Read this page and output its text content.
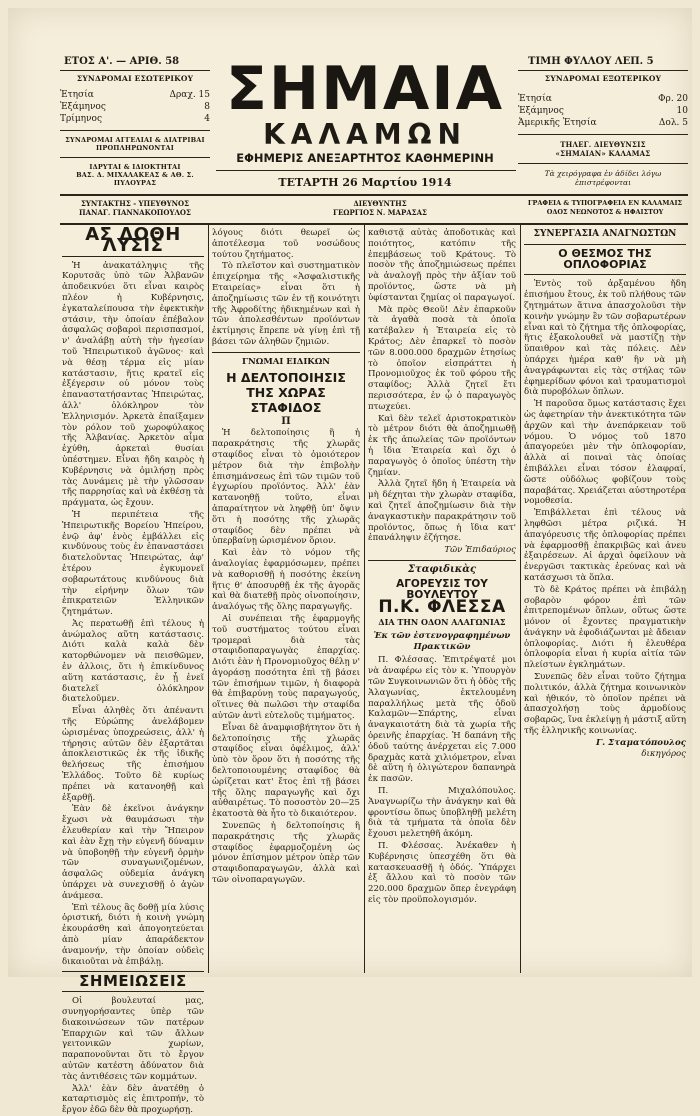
ΕΤΟΣ Α'. — ΑΡΙΘ. 58	ΤΙΜΗ ΦΥΛΛΟΥ ΛΕΠ. 5
ΣΥΝΔΡΟΜΑΙ ΕΣΩΤΕΡΙΚΟΥ
Ἐτησία	Δραχ. 15
Ἐξάμηνος	8
Τρίμηνος	4
ΣΥΝΔΡΟΜΑΙ ΑΓΓΕΛΙΑΙ & ΔΙΑΤΡΙΒΑΙ ΠΡΟΠΛΗΡΩΝΟΝΤΑΙ
ΙΔΡΥΤΑΙ & ΙΔΙΟΚΤΗΤΑΙ
ΒΑΣ. Δ. ΜΙΧΑΛΑΚΕΑΣ & ΑΘ. Σ. ΠΥΛΟΥΡΑΣ
ΣΗΜΑΙΑ
ΚΑΛΑΜΩΝ
ΕΦΗΜΕΡΙΣ ΑΝΕΞΑΡΤΗΤΟΣ ΚΑΘΗΜΕΡΙΝΗ
ΤΕΤΑΡΤΗ 26 Μαρτίου 1914
ΣΥΝΔΡΟΜΑΙ ΕΞΩΤΕΡΙΚΟΥ
Ἐτησία	Φρ. 20
Ἐξάμηνος	10
Ἀμερικῆς Ἐτησία	Δολ. 5
ΤΗΛΕΓ. ΔΙΕΥΘΥΝΣΙΣ
«ΣΗΜΑΙΑΝ» ΚΑΛΑΜΑΣ
Τὰ χειρόγραφα ἐν ἀδίδει λόγω ἐπιστρέφονται
ΣΥΝΤΑΚΤΗΣ - ΥΠΕΥΘΥΝΟΣ
ΠΑΝΑΓ. ΓΙΑΝΝΑΚΟΠΟΥΛΟΣ
ΔΙΕΥΘΥΝΤΗΣ
ΓΕΩΡΓΙΟΣ Ν. ΜΑΡΑΣΑΣ
ΓΡΑΦΕΙΑ & ΤΥΠΟΓΡΑΦΕΙΑ ΕΝ ΚΑΛΑΜΑΙΣ
ΟΔΟΣ ΝΕΩΝΟΤΟΣ & ΗΦΑΙΣΤΟΥ
ΑΣ ΔΟΘΗ ΛΥΣΙΣ

Ἡ ἀνακατάληψις τῆς Κορυτσᾶς ὑπὸ τῶν Ἀλβανῶν ἀποδεικνύει ὅτι εἶναι καιρὸς πλέον ἡ Κυβέρνησις, ἐγκαταλείπουσα τὴν ἐφεκτικὴν στάσιν, τὴν ὁποίαν ἐπέβαλον ἀσφαλῶς σοβαροὶ περισπασμοί, ν' ἀναλάβῃ αὐτὴ τὴν ἡγεσίαν τοῦ Ἠπειρωτικοῦ ἀγῶνος· καὶ νὰ θέσῃ τέρμα εἰς μίαν κατάστασιν, ἥτις κρατεῖ εἰς ἐξέγερσιν οὐ μόνον τοὺς ἐπαναστατήσαντας Ἠπειρώτας, ἀλλ' ὁλόκληρον τὸν Ἑλληνισμόν. Ἀρκετὰ ἐπαίξαμεν τὸν ρόλον τοῦ χωροφύλακος τῆς Ἀλβανίας. Ἀρκετὸν αἷμα ἐχύθη, ἀρκεταὶ θυσίαι ὑπέστημεν. Εἶναι ἤδη καιρὸς ἡ Κυβέρνησις νὰ ὁμιλήσῃ πρὸς τὰς Δυνάμεις μὲ τὴν γλῶσσαν τῆς παρρησίας καὶ νὰ ἐκθέσῃ τὰ πράγματα, ὡς ἔχουν.

Ἡ περιπέτεια τῆς Ἠπειρωτικῆς Βορείου Ἠπείρου, ἐνῷ ἀφ' ἑνὸς ἐμβάλλει εἰς κινδύνους τοὺς ἐν ἐπαναστάσει διατελοῦντας Ἠπειρώτας, ἀφ' ἑτέρου ἐγκυμονεῖ σοβαρωτάτους κινδύνους διὰ τὴν εἰρήνην ὅλων τῶν ἐπικρατειῶν Ἑλληνικῶν ζητημάτων.

Ἀς περατωθῇ ἐπὶ τέλους ἡ ἀνώμαλος αὕτη κατάστασις. Διότι καλὰ καλὰ δὲν κατορθώνομεν νὰ πεισθῶμεν, ἐν ἀλλοις, ὅτι ἡ ἐπικίνδυνος αὕτη κατάστασις, ἐν ᾗ ἐνεῖ διατελεῖ ὁλόκληρον διατελοῦμεν.

Εἶναι ἀληθὲς ὅτι ἀπέναντι τῆς Εὐρώπης ἀνελάβομεν ὡρισμένας ὑποχρεώσεις, ἀλλ' ἡ τήρησις αὐτῶν δὲν ἐξαρτᾶται ἀποκλειστικῶς ἐκ τῆς ἰδικῆς θελήσεως τῆς ἐπισήμου Ἑλλάδος. Τοῦτο δὲ κυρίως πρέπει νὰ κατανοηθῇ καὶ ἐξαρθῇ.

Ἐὰν δὲ ἐκεῖνοι ἀνάγκην ἔχωσι νὰ θαυμάσωσι τὴν ἐλευθερίαν καὶ τὴν Ἤπειρον καὶ ἐὰν ἔχῃ τὴν εὐγενῆ δύναμιν νὰ ὑποβοηθῇ τὴν εὐγενῆ ὁρμὴν τῶν συναγωνιζομένων, ἀσφαλῶς οὐδεμία ἀνάγκη ὑπάρχει νὰ συνεχισθῇ ὁ ἀγὼν ἀνάμεσα.

Ἐπὶ τέλους ἃς δοθῇ μία λύσις ὁριστική, διότι ἡ κοινὴ γνώμη ἐκουράσθη καὶ ἀπογοητεύεται ἀπὸ μίαν ἀπαράδεκτον ἀναμονήν, τὴν ὁποίαν οὐδεὶς δικαιοῦται νὰ ἐπιβάλῃ.

ΣΗΜΕΙΩΣΕΙΣ

Οἱ βουλευταί μας, συνηγορήσαντες ὑπὲρ τῶν διακοινώσεων τῶν πατέρων Ἐπαρχιῶν καὶ τῶν ἄλλων γειτονικῶν χωρίων, παραπονοῦνται ὅτι τὸ ἔργον αὐτῶν κατέστη ἀδύνατον διὰ τὰς ἀντιθέσεις τῶν κομμάτων.

Ἀλλ' ἐὰν δὲν ἀνατέθῃ ὁ καταρτισμὸς εἰς ἐπιτροπήν, τὸ ἔργον ἐδῶ δὲν θὰ προχωρήσῃ.

λόγους διότι θεωρεῖ ὡς ἀποτέλεσμα τοῦ νοσώδους τούτου ζητήματος.

Τὸ πλεῖστον καὶ συστηματικὸν ἐπιχείρημα τῆς «Ἀσφαλιστικῆς Εταιρείας» εἶναι ὅτι ἡ ἀποζημίωσις τῶν ἐν τῇ κοινότητι τῆς Ἀφροδίτης ἠδικημένων καὶ ἡ τῶν ἀπολεσθέντων προϊόντων ἐκτίμησις ἔπρεπε νὰ γίνῃ ἐπὶ τῇ βάσει τῶν ἀληθῶν ζημιῶν.

ΓΝΩΜΑΙ ΕΙΔΙΚΩΝ
Η ΔΕΛΤΟΠΟΙΗΣΙΣ ΤΗΣ ΧΩΡΑΣ ΣΤΑΦΙΔΟΣ
Π

Ἡ δελτοποίησις ἢ ἡ παρακράτησις τῆς χλωρᾶς σταφίδος εἶναι τὸ ὁμοιότερον μέτρον διὰ τὴν ἐπιβολὴν ἐπισημάνσεως ἐπὶ τῶν τιμῶν τοῦ ἐγχωρίου προϊόντος. Ἀλλ' ἐὰν κατανοηθῇ τοῦτο, εἶναι ἀπαραίτητον νὰ ληφθῇ ὑπ' ὄψιν ὅτι ἡ ποσότης τῆς χλωρᾶς σταφίδος δὲν πρέπει νὰ ὑπερβαίνῃ ὡρισμένον ὅριον.

Καὶ ἐὰν τὸ νόμον τῆς ἀναλογίας ἐφαρμόσωμεν, πρέπει νὰ καθορισθῇ ἡ ποσότης ἐκείνη ἥτις θ' ἀποσυρθῇ ἐκ τῆς ἀγορᾶς καὶ θὰ διατεθῇ πρὸς οἰνοποίησιν, ἀναλόγως τῆς ὅλης παραγωγῆς.

Αἱ συνέπειαι τῆς ἐφαρμογῆς τοῦ συστήματος τούτου εἶναι τρομεραὶ διὰ τὰς σταφιδοπαραγωγὰς ἐπαρχίας. Διότι ἐὰν ἡ Προνομιοῦχος θέλῃ ν' ἀγοράσῃ ποσότητα ἐπὶ τῇ βάσει τῶν ἐπισήμων τιμῶν, ἡ διαφορὰ θὰ ἐπιβαρύνῃ τοὺς παραγωγούς, οἵτινες θὰ πωλῶσι τὴν σταφίδα αὐτῶν ἀντὶ εὐτελοῦς τιμήματος.

Εἶναι δὲ ἀναμφισβήτητον ὅτι ἡ δελτοποίησις τῆς χλωρᾶς σταφίδος εἶναι ὀφέλιμος, ἀλλ' ὑπὸ τὸν ὅρον ὅτι ἡ ποσότης τῆς δελτοποιουμένης σταφίδος θὰ ὡρίζεται κατ' ἔτος ἐπὶ τῇ βάσει τῆς ὅλης παραγωγῆς καὶ ὄχι αὐθαιρέτως. Τὸ ποσοστὸν 20—25 ἑκατοστὰ θὰ ἦτο τὸ δικαιότερον.

Συνεπῶς ἡ δελτοποίησις ἢ παρακράτησις τῆς χλωρᾶς σταφίδος ἐφαρμοζομένη ὡς μόνον ἐπίσημον μέτρον ὑπὲρ τῶν σταφιδοπαραγωγῶν, ἀλλὰ καὶ τῶν οἰνοπαραγωγῶν.

καθιστᾷ αὐτὰς ἀποδοτικὰς καὶ ποιότητος, κατόπιν τῆς ἐπεμβάσεως τοῦ Κράτους. Τὸ ποσὸν τῆς ἀποζημιώσεως πρέπει νὰ ἀναλογῇ πρὸς τὴν ἀξίαν τοῦ προϊόντος, ὥστε νὰ μὴ ὑφίστανται ζημίας οἱ παραγωγοί.

Μὰ πρὸς Θεοῦ! Δὲν ἐπαρκοῦν τὰ ἀγαθὰ ποσὰ τὰ ὁποῖα κατέβαλεν ἡ Ἑταιρεία εἰς τὸ Κράτος; Δὲν ἐπαρκεῖ τὸ ποσὸν τῶν 8.000.000 δραχμῶν ἐτησίως τὸ ὁποῖον εἰσπράττει ἡ Προνομιοῦχος ἐκ τοῦ φόρου τῆς σταφίδος; Ἀλλὰ ζητεῖ ἔτι περισσότερα, ἐν ᾧ ὁ παραγωγὸς πτωχεύει.

Καὶ δὲν τελεῖ ἀριστοκρατικὸν τὸ μέτρον διότι θὰ ἀποζημιωθῇ ἐκ τῆς ἀπωλείας τῶν προϊόντων ἡ ἴδια Ἑταιρεία καὶ ὄχι ὁ παραγωγὸς ὁ ὁποῖος ὑπέστη τὴν ζημίαν.

Ἀλλὰ ζητεῖ ἤδη ἡ Ἑταιρεία νὰ μὴ δέχηται τὴν χλωρὰν σταφίδα, καὶ ζητεῖ ἀποζημίωσιν διὰ τὴν ἀναγκαστικὴν παρακράτησιν τοῦ προϊόντος, ὅπως ἡ ἴδια κατ' ἐπανάληψιν ἐζήτησε.

Τῶν Ἐπιδαύριος
Σταφιδικὰς
ΑΓΟΡΕΥΣΙΣ ΤΟΥ ΒΟΥΛΕΥΤΟΥ
Π.Κ. ΦΛΕΣΣΑ
ΔΙΑ ΤΗΝ ΟΔΟΝ ΑΛΑΓΩΝΙΑΣ
Ἐκ τῶν ἐστενογραφημένων Πρακτικῶν

Π. Φλέσσας. Ἐπιτρέψατέ μοι νὰ ἀναφέρω εἰς τὸν κ. Ὑπουργὸν τῶν Συγκοινωνιῶν ὅτι ἡ ὁδὸς τῆς Ἀλαγωνίας, ἐκτελουμένη παραλλήλως μετὰ τῆς ὁδοῦ Καλαμῶν—Σπάρτης, εἶναι ἀναγκαιοτάτη διὰ τὰ χωρία τῆς ὀρεινῆς ἐπαρχίας. Ἡ δαπάνη τῆς ὁδοῦ ταύτης ἀνέρχεται εἰς 7.000 δραχμὰς κατὰ χιλιόμετρον, εἶναι δὲ αὕτη ἡ ὀλιγώτερον δαπανηρὰ ἐκ πασῶν.

Π. Μιχαλόπουλος. Ἀναγνωρίζω τὴν ἀνάγκην καὶ θὰ φροντίσω ὅπως ὑποβληθῇ μελέτη διὰ τὰ τμήματα τὰ ὁποῖα δὲν ἔχουσι μελετηθῆ ἀκόμη.

Π. Φλέσσας. Ἀνέκαθεν ἡ Κυβέρνησις ὑπεσχέθη ὅτι θὰ κατασκευασθῇ ἡ ὁδός. Ὑπάρχει ἐξ ἄλλου καὶ τὸ ποσὸν τῶν 220.000 δραχμῶν ὅπερ ἐνεγράφη εἰς τὸν προϋπολογισμόν.

ΣΥΝΕΡΓΑΣΙΑ ΑΝΑΓΝΩΣΤΩΝ
Ο ΘΕΣΜΟΣ ΤΗΣ ΟΠΛΟΦΟΡΙΑΣ

Ἐντὸς τοῦ ἀρξαμένου ἤδη ἐπισήμου ἔτους, ἐκ τοῦ πλήθους τῶν ζητημάτων ἅτινα ἀπασχολοῦσι τὴν κοινὴν γνώμην ἓν τῶν σοβαρωτέρων εἶναι καὶ τὸ ζήτημα τῆς ὀπλοφορίας, ἥτις ἐξακολουθεῖ νὰ μαστίζῃ τὴν ὕπαιθρον καὶ τὰς πόλεις. Δὲν ὑπάρχει ἡμέρα καθ' ἣν νὰ μὴ ἀναγράφωνται εἰς τὰς στήλας τῶν ἐφημερίδων φόνοι καὶ τραυματισμοὶ διὰ πυροβόλων ὅπλων.

Ἡ παροῦσα ὅμως κατάστασις ἔχει ὡς ἀφετηρίαν τὴν ἀνεκτικότητα τῶν ἀρχῶν καὶ τὴν ἀνεπάρκειαν τοῦ νόμου. Ὁ νόμος τοῦ 1870 ἀπαγορεύει μὲν τὴν ὀπλοφορίαν, ἀλλὰ αἱ ποιναὶ τὰς ὁποίας ἐπιβάλλει εἶναι τόσον ἐλαφραί, ὥστε οὐδόλως φοβίζουν τοὺς παραβάτας. Χρειάζεται αὐστηροτέρα νομοθεσία.

Ἐπιβάλλεται ἐπὶ τέλους νὰ ληφθῶσι μέτρα ριζικά. Ἡ ἀπαγόρευσις τῆς ὀπλοφορίας πρέπει νὰ ἐφαρμοσθῇ ἐπακριβῶς καὶ ἀνευ ἐξαιρέσεων. Αἱ ἀρχαὶ ὀφείλουν νὰ ἐνεργῶσι τακτικὰς ἐρεύνας καὶ νὰ κατάσχωσι τὰ ὅπλα.

Τὸ δὲ Κράτος πρέπει νὰ ἐπιβάλῃ σοβαρὸν φόρον ἐπὶ τῶν ἐπιτρεπομένων ὅπλων, οὕτως ὥστε μόνον οἱ ἔχοντες πραγματικὴν ἀνάγκην νὰ ἐφοδιάζωνται μὲ ἄδειαν ὀπλοφορίας. Διότι ἡ ἐλευθέρα ὀπλοφορία εἶναι ἡ κυρία αἰτία τῶν πλείστων ἐγκλημάτων.

Συνεπῶς δὲν εἶναι τοῦτο ζήτημα πολιτικόν, ἀλλὰ ζήτημα κοινωνικὸν καὶ ἠθικόν, τὸ ὁποῖον πρέπει νὰ ἀπασχολήσῃ τοὺς ἀρμοδίους σοβαρῶς, ἵνα ἐκλείψῃ ἡ μάστιξ αὕτη τῆς ἑλληνικῆς κοινωνίας.

Γ. Σταματόπουλος
δικηγόρος
